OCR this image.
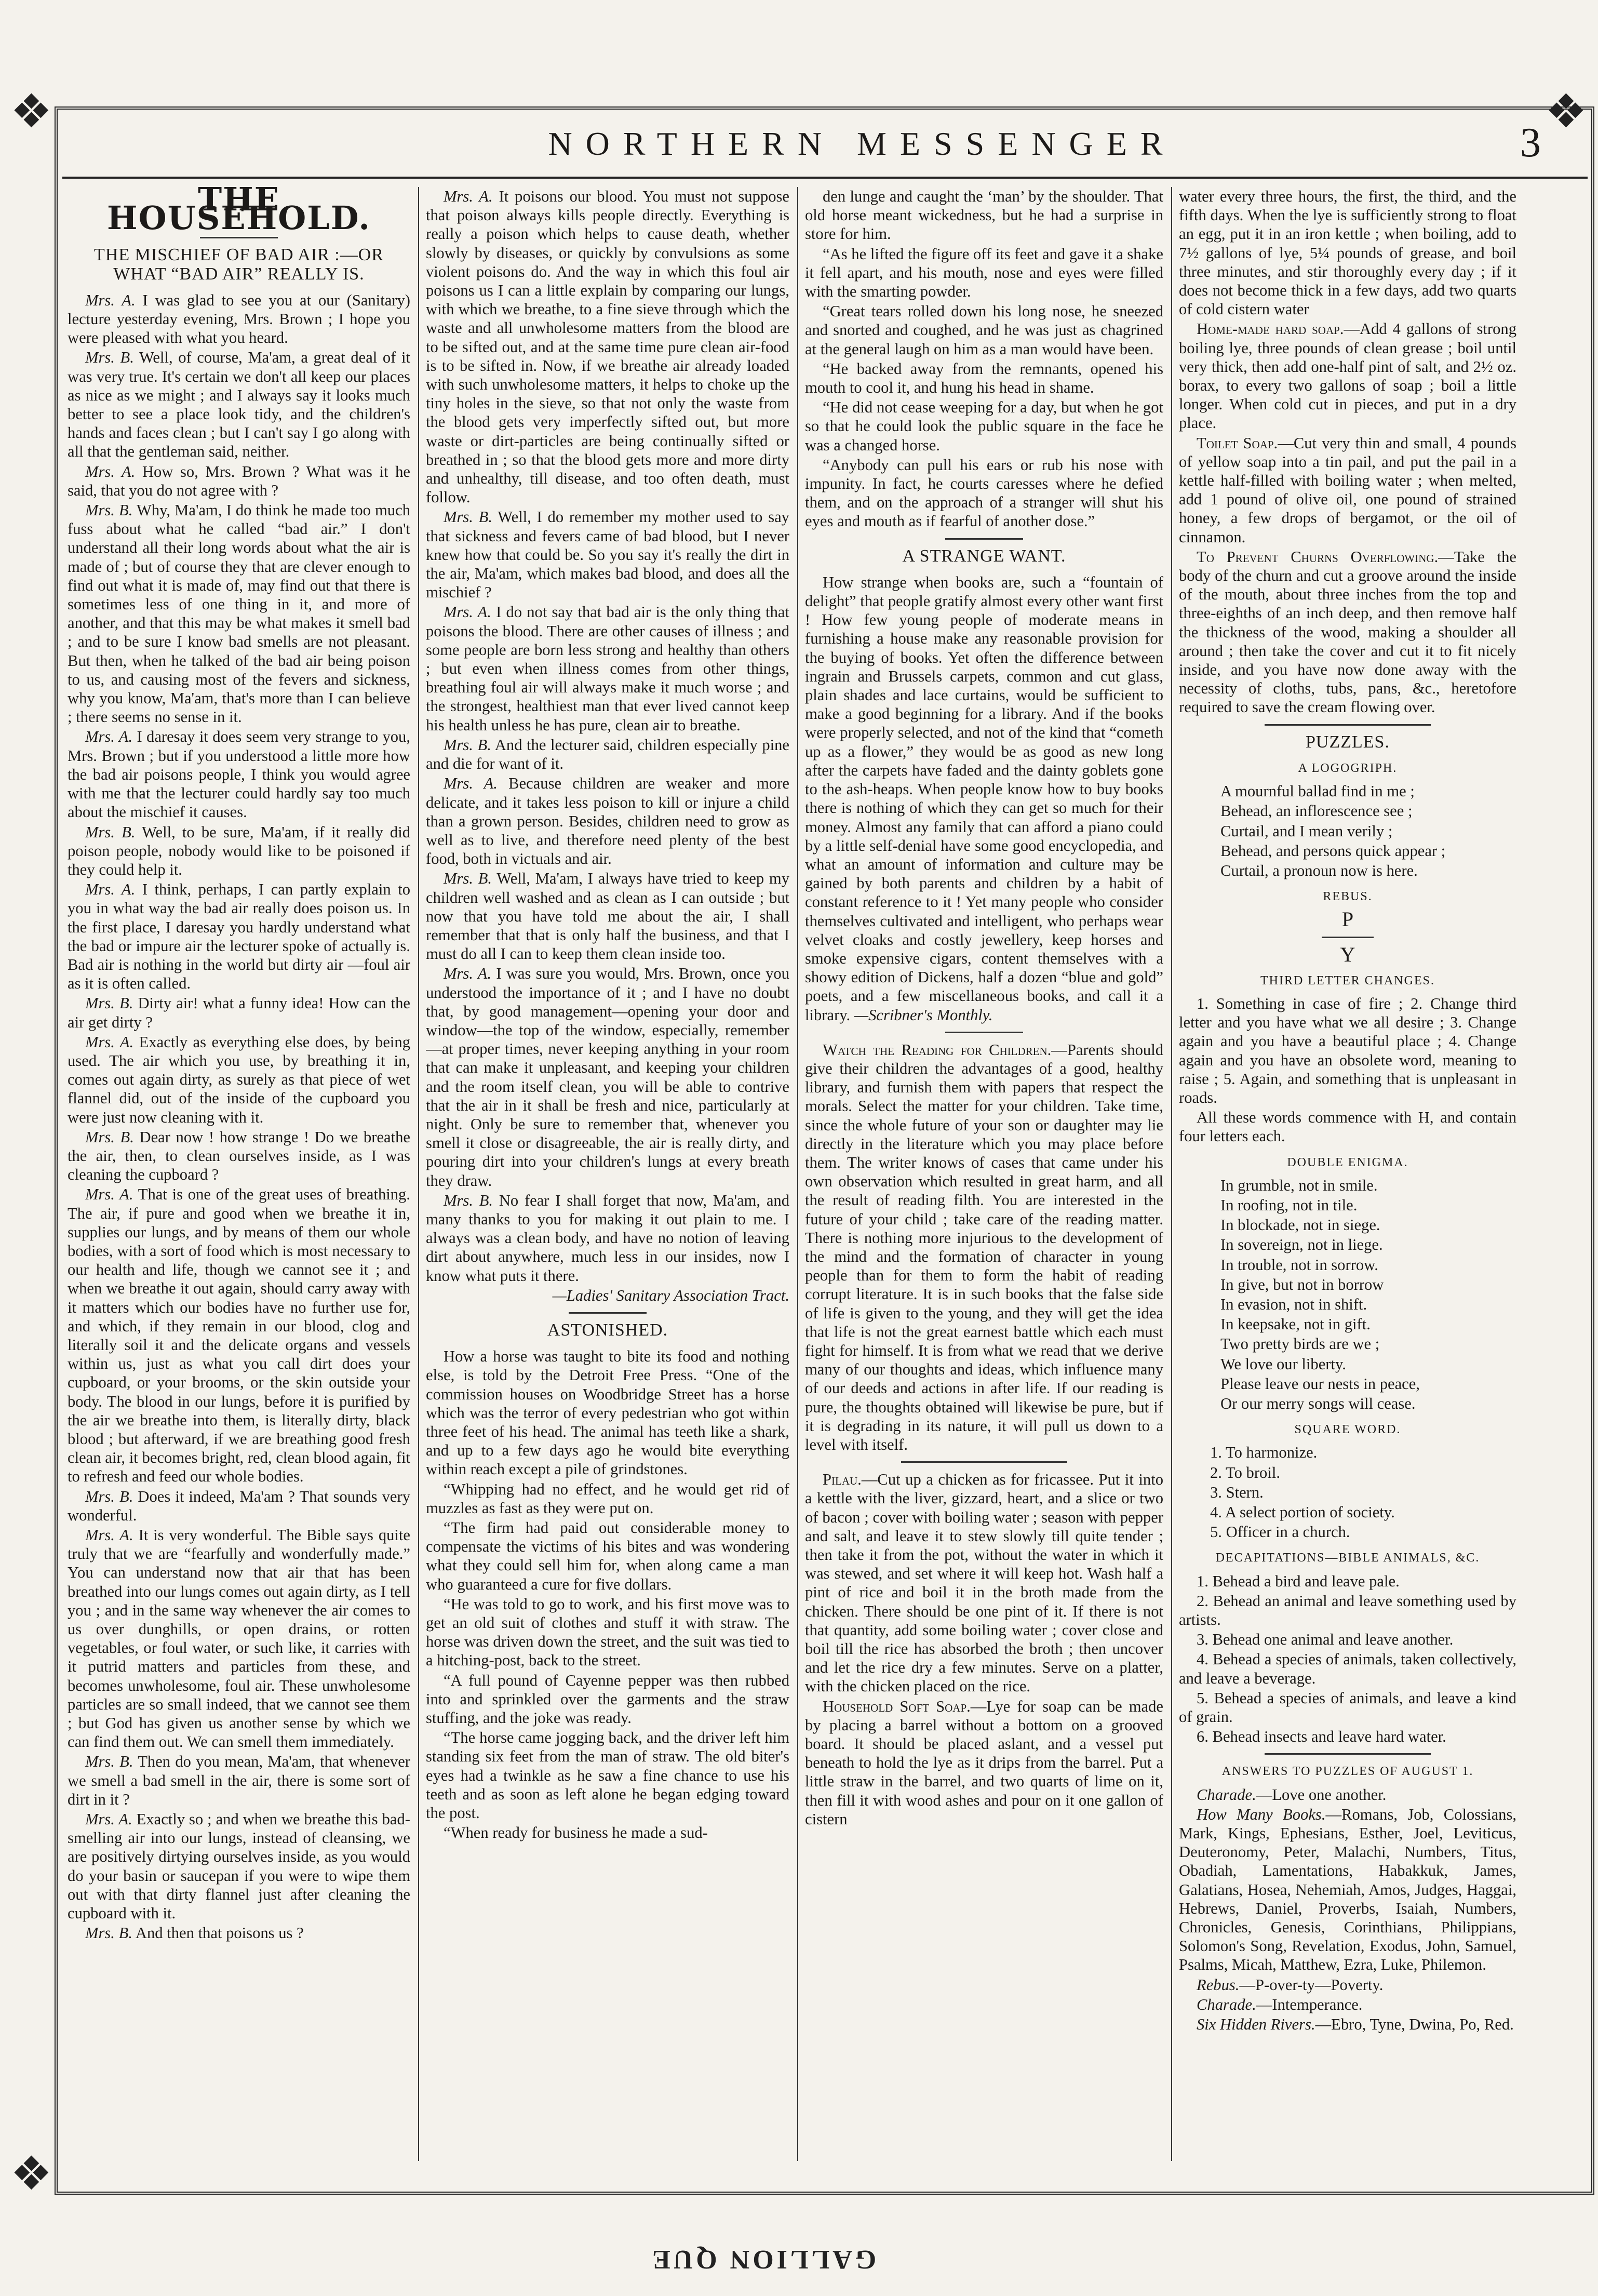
❖	❖
❖
NORTHERN MESSENGER	3
THE HOUSEHOLD.
THE MISCHIEF OF BAD AIR :—OR WHAT “BAD AIR” REALLY IS.

Mrs. A. I was glad to see you at our (Sanitary) lecture yesterday evening, Mrs. Brown ; I hope you were pleased with what you heard.

Mrs. B. Well, of course, Ma'am, a great deal of it was very true. It's certain we don't all keep our places as nice as we might ; and I always say it looks much better to see a place look tidy, and the children's hands and faces clean ; but I can't say I go along with all that the gentleman said, neither.

Mrs. A. How so, Mrs. Brown ? What was it he said, that you do not agree with ?

Mrs. B. Why, Ma'am, I do think he made too much fuss about what he called “bad air.” I don't understand all their long words about what the air is made of ; but of course they that are clever enough to find out what it is made of, may find out that there is sometimes less of one thing in it, and more of another, and that this may be what makes it smell bad ; and to be sure I know bad smells are not pleasant. But then, when he talked of the bad air being poison to us, and causing most of the fevers and sickness, why you know, Ma'am, that's more than I can believe ; there seems no sense in it.

Mrs. A. I daresay it does seem very strange to you, Mrs. Brown ; but if you understood a little more how the bad air poisons people, I think you would agree with me that the lecturer could hardly say too much about the mischief it causes.

Mrs. B. Well, to be sure, Ma'am, if it really did poison people, nobody would like to be poisoned if they could help it.

Mrs. A. I think, perhaps, I can partly explain to you in what way the bad air really does poison us. In the first place, I daresay you hardly understand what the bad or impure air the lecturer spoke of actually is. Bad air is nothing in the world but dirty air —foul air as it is often called.

Mrs. B. Dirty air! what a funny idea! How can the air get dirty ?

Mrs. A. Exactly as everything else does, by being used. The air which you use, by breathing it in, comes out again dirty, as surely as that piece of wet flannel did, out of the inside of the cupboard you were just now cleaning with it.

Mrs. B. Dear now ! how strange ! Do we breathe the air, then, to clean ourselves inside, as I was cleaning the cupboard ?

Mrs. A. That is one of the great uses of breathing. The air, if pure and good when we breathe it in, supplies our lungs, and by means of them our whole bodies, with a sort of food which is most necessary to our health and life, though we cannot see it ; and when we breathe it out again, should carry away with it matters which our bodies have no further use for, and which, if they remain in our blood, clog and literally soil it and the delicate organs and vessels within us, just as what you call dirt does your cupboard, or your brooms, or the skin outside your body. The blood in our lungs, before it is purified by the air we breathe into them, is literally dirty, black blood ; but afterward, if we are breathing good fresh clean air, it becomes bright, red, clean blood again, fit to refresh and feed our whole bodies.

Mrs. B. Does it indeed, Ma'am ? That sounds very wonderful.

Mrs. A. It is very wonderful. The Bible says quite truly that we are “fearfully and wonderfully made.” You can understand now that air that has been breathed into our lungs comes out again dirty, as I tell you ; and in the same way whenever the air comes to us over dunghills, or open drains, or rotten vegetables, or foul water, or such like, it carries with it putrid matters and particles from these, and becomes unwholesome, foul air. These unwholesome particles are so small indeed, that we cannot see them ; but God has given us another sense by which we can find them out. We can smell them immediately.

Mrs. B. Then do you mean, Ma'am, that whenever we smell a bad smell in the air, there is some sort of dirt in it ?

Mrs. A. Exactly so ; and when we breathe this bad-smelling air into our lungs, instead of cleansing, we are positively dirtying ourselves inside, as you would do your basin or saucepan if you were to wipe them out with that dirty flannel just after cleaning the cupboard with it.

Mrs. B. And then that poisons us ?

Mrs. A. It poisons our blood. You must not suppose that poison always kills people directly. Everything is really a poison which helps to cause death, whether slowly by diseases, or quickly by convulsions as some violent poisons do. And the way in which this foul air poisons us I can a little explain by comparing our lungs, with which we breathe, to a fine sieve through which the waste and all unwholesome matters from the blood are to be sifted out, and at the same time pure clean air-food is to be sifted in. Now, if we breathe air already loaded with such unwholesome matters, it helps to choke up the tiny holes in the sieve, so that not only the waste from the blood gets very imperfectly sifted out, but more waste or dirt-particles are being continually sifted or breathed in ; so that the blood gets more and more dirty and unhealthy, till disease, and too often death, must follow.

Mrs. B. Well, I do remember my mother used to say that sickness and fevers came of bad blood, but I never knew how that could be. So you say it's really the dirt in the air, Ma'am, which makes bad blood, and does all the mischief ?

Mrs. A. I do not say that bad air is the only thing that poisons the blood. There are other causes of illness ; and some people are born less strong and healthy than others ; but even when illness comes from other things, breathing foul air will always make it much worse ; and the strongest, healthiest man that ever lived cannot keep his health unless he has pure, clean air to breathe.

Mrs. B. And the lecturer said, children especially pine and die for want of it.

Mrs. A. Because children are weaker and more delicate, and it takes less poison to kill or injure a child than a grown person. Besides, children need to grow as well as to live, and therefore need plenty of the best food, both in victuals and air.

Mrs. B. Well, Ma'am, I always have tried to keep my children well washed and as clean as I can outside ; but now that you have told me about the air, I shall remember that that is only half the business, and that I must do all I can to keep them clean inside too.

Mrs. A. I was sure you would, Mrs. Brown, once you understood the importance of it ; and I have no doubt that, by good management—opening your door and window—the top of the window, especially, remember—at proper times, never keeping anything in your room that can make it unpleasant, and keeping your children and the room itself clean, you will be able to contrive that the air in it shall be fresh and nice, particularly at night. Only be sure to remember that, whenever you smell it close or disagreeable, the air is really dirty, and pouring dirt into your children's lungs at every breath they draw.

Mrs. B. No fear I shall forget that now, Ma'am, and many thanks to you for making it out plain to me. I always was a clean body, and have no notion of leaving dirt about anywhere, much less in our insides, now I know what puts it there.

—Ladies' Sanitary Association Tract.

ASTONISHED.

How a horse was taught to bite its food and nothing else, is told by the Detroit Free Press. “One of the commission houses on Woodbridge Street has a horse which was the terror of every pedestrian who got within three feet of his head. The animal has teeth like a shark, and up to a few days ago he would bite everything within reach except a pile of grindstones.

“Whipping had no effect, and he would get rid of muzzles as fast as they were put on.

“The firm had paid out considerable money to compensate the victims of his bites and was wondering what they could sell him for, when along came a man who guaranteed a cure for five dollars.

“He was told to go to work, and his first move was to get an old suit of clothes and stuff it with straw. The horse was driven down the street, and the suit was tied to a hitching-post, back to the street.

“A full pound of Cayenne pepper was then rubbed into and sprinkled over the garments and the straw stuffing, and the joke was ready.

“The horse came jogging back, and the driver left him standing six feet from the man of straw. The old biter's eyes had a twinkle as he saw a fine chance to use his teeth and as soon as left alone he began edging toward the post.

“When ready for business he made a sud-

den lunge and caught the ‘man’ by the shoulder. That old horse meant wickedness, but he had a surprise in store for him.

“As he lifted the figure off its feet and gave it a shake it fell apart, and his mouth, nose and eyes were filled with the smarting powder.

“Great tears rolled down his long nose, he sneezed and snorted and coughed, and he was just as chagrined at the general laugh on him as a man would have been.

“He backed away from the remnants, opened his mouth to cool it, and hung his head in shame.

“He did not cease weeping for a day, but when he got so that he could look the public square in the face he was a changed horse.

“Anybody can pull his ears or rub his nose with impunity. In fact, he courts caresses where he defied them, and on the approach of a stranger will shut his eyes and mouth as if fearful of another dose.”

A STRANGE WANT.

How strange when books are, such a “fountain of delight” that people gratify almost every other want first ! How few young people of moderate means in furnishing a house make any reasonable provision for the buying of books. Yet often the difference between ingrain and Brussels carpets, common and cut glass, plain shades and lace curtains, would be sufficient to make a good beginning for a library. And if the books were properly selected, and not of the kind that “cometh up as a flower,” they would be as good as new long after the carpets have faded and the dainty goblets gone to the ash-heaps. When people know how to buy books there is nothing of which they can get so much for their money. Almost any family that can afford a piano could by a little self-denial have some good encyclopedia, and what an amount of information and culture may be gained by both parents and children by a habit of constant reference to it ! Yet many people who consider themselves cultivated and intelligent, who perhaps wear velvet cloaks and costly jewellery, keep horses and smoke expensive cigars, content themselves with a showy edition of Dickens, half a dozen “blue and gold” poets, and a few miscellaneous books, and call it a library. —Scribner's Monthly.

Watch the Reading for Children.—Parents should give their children the advantages of a good, healthy library, and furnish them with papers that respect the morals. Select the matter for your children. Take time, since the whole future of your son or daughter may lie directly in the literature which you may place before them. The writer knows of cases that came under his own observation which resulted in great harm, and all the result of reading filth. You are interested in the future of your child ; take care of the reading matter. There is nothing more injurious to the development of the mind and the formation of character in young people than for them to form the habit of reading corrupt literature. It is in such books that the false side of life is given to the young, and they will get the idea that life is not the great earnest battle which each must fight for himself. It is from what we read that we derive many of our thoughts and ideas, which influence many of our deeds and actions in after life. If our reading is pure, the thoughts obtained will likewise be pure, but if it is degrading in its nature, it will pull us down to a level with itself.

Pilau.—Cut up a chicken as for fricassee. Put it into a kettle with the liver, gizzard, heart, and a slice or two of bacon ; cover with boiling water ; season with pepper and salt, and leave it to stew slowly till quite tender ; then take it from the pot, without the water in which it was stewed, and set where it will keep hot. Wash half a pint of rice and boil it in the broth made from the chicken. There should be one pint of it. If there is not that quantity, add some boiling water ; cover close and boil till the rice has absorbed the broth ; then uncover and let the rice dry a few minutes. Serve on a platter, with the chicken placed on the rice.

Household Soft Soap.—Lye for soap can be made by placing a barrel without a bottom on a grooved board. It should be placed aslant, and a vessel put beneath to hold the lye as it drips from the barrel. Put a little straw in the barrel, and two quarts of lime on it, then fill it with wood ashes and pour on it one gallon of cistern

water every three hours, the first, the third, and the fifth days. When the lye is sufficiently strong to float an egg, put it in an iron kettle ; when boiling, add to 7½ gallons of lye, 5¼ pounds of grease, and boil three minutes, and stir thoroughly every day ; if it does not become thick in a few days, add two quarts of cold cistern water

Home-made hard soap.—Add 4 gallons of strong boiling lye, three pounds of clean grease ; boil until very thick, then add one-half pint of salt, and 2½ oz. borax, to every two gallons of soap ; boil a little longer. When cold cut in pieces, and put in a dry place.

Toilet Soap.—Cut very thin and small, 4 pounds of yellow soap into a tin pail, and put the pail in a kettle half-filled with boiling water ; when melted, add 1 pound of olive oil, one pound of strained honey, a few drops of bergamot, or the oil of cinnamon.

To Prevent Churns Overflowing.—Take the body of the churn and cut a groove around the inside of the mouth, about three inches from the top and three-eighths of an inch deep, and then remove half the thickness of the wood, making a shoulder all around ; then take the cover and cut it to fit nicely inside, and you have now done away with the necessity of cloths, tubs, pans, &c., heretofore required to save the cream flowing over.

PUZZLES.
A LOGOGRIPH.

A mournful ballad find in me ;

Behead, an inflorescence see ;

Curtail, and I mean verily ;

Behead, and persons quick appear ;

Curtail, a pronoun now is here.

REBUS.

P

Y

THIRD LETTER CHANGES.

1. Something in case of fire ; 2. Change third letter and you have what we all desire ; 3. Change again and you have a beautiful place ; 4. Change again and you have an obsolete word, meaning to raise ; 5. Again, and something that is unpleasant in roads.

All these words commence with H, and contain four letters each.

DOUBLE ENIGMA.

In grumble, not in smile.

In roofing, not in tile.

In blockade, not in siege.

In sovereign, not in liege.

In trouble, not in sorrow.

In give, but not in borrow

In evasion, not in shift.

In keepsake, not in gift.

Two pretty birds are we ;

We love our liberty.

Please leave our nests in peace,

Or our merry songs will cease.

SQUARE WORD.

1. To harmonize.

2. To broil.

3. Stern.

4. A select portion of society.

5. Officer in a church.

DECAPITATIONS—BIBLE ANIMALS, &C.

1. Behead a bird and leave pale.

2. Behead an animal and leave something used by artists.

3. Behead one animal and leave another.

4. Behead a species of animals, taken collectively, and leave a beverage.

5. Behead a species of animals, and leave a kind of grain.

6. Behead insects and leave hard water.

ANSWERS TO PUZZLES OF AUGUST 1.

Charade.—Love one another.

How Many Books.—Romans, Job, Colossians, Mark, Kings, Ephesians, Esther, Joel, Leviticus, Deuteronomy, Peter, Malachi, Numbers, Titus, Obadiah, Lamentations, Habakkuk, James, Galatians, Hosea, Nehemiah, Amos, Judges, Haggai, Hebrews, Daniel, Proverbs, Isaiah, Numbers, Chronicles, Genesis, Corinthians, Philippians, Solomon's Song, Revelation, Exodus, John, Samuel, Psalms, Micah, Matthew, Ezra, Luke, Philemon.

Rebus.—P-over-ty—Poverty.

Charade.—Intemperance.

Six Hidden Rivers.—Ebro, Tyne, Dwina, Po, Red.

GALLION QUE
